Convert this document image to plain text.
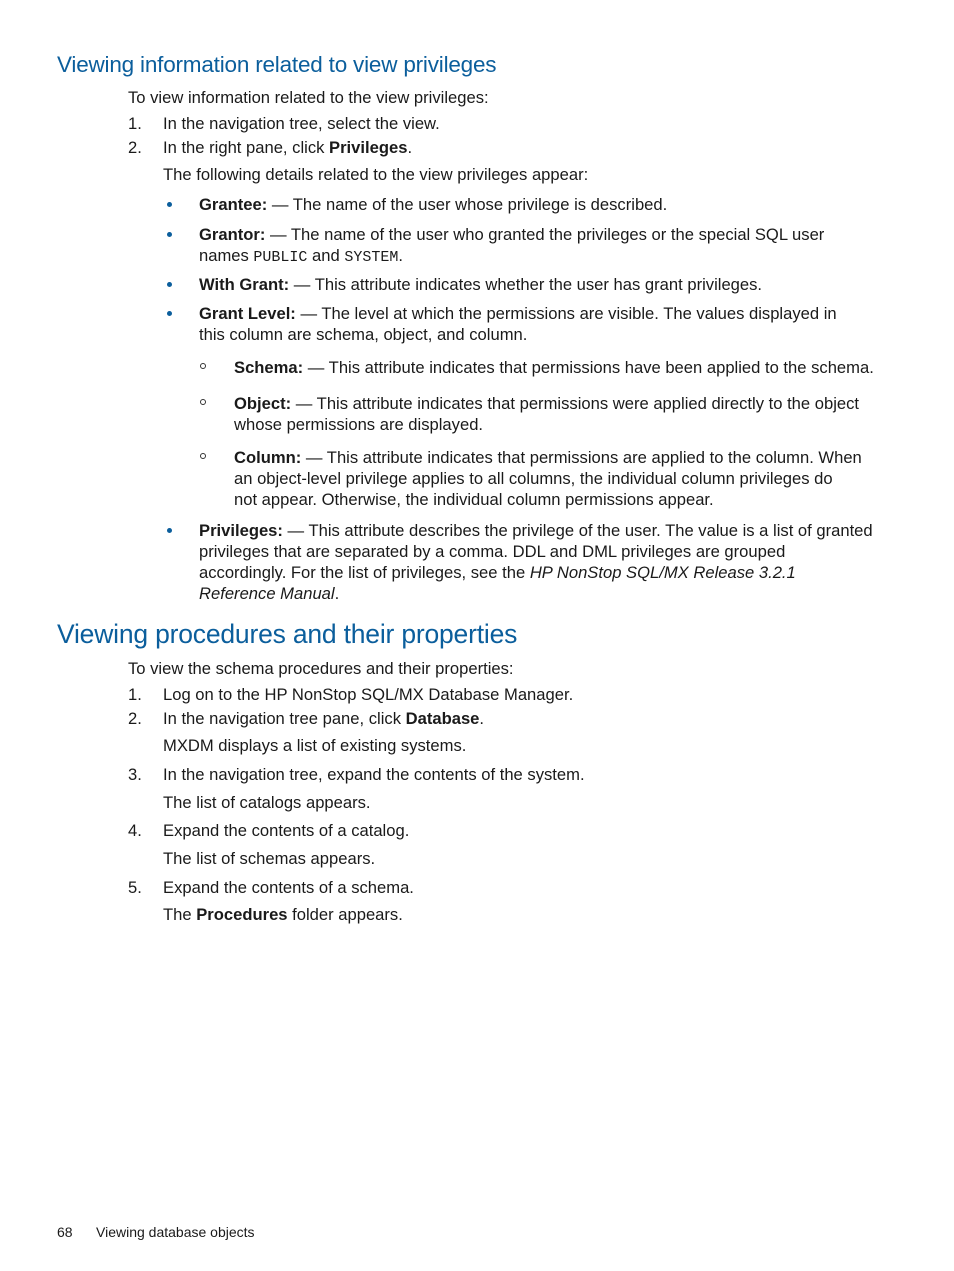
Viewing information related to view privileges

To view information related to the view privileges:

1. In the navigation tree, select the view.

2. In the right pane, click Privileges.

The following details related to the view privileges appear:

Grantee: — The name of the user whose privilege is described.

Grantor: — The name of the user who granted the privileges or the special SQL user

names PUBLIC and SYSTEM.

With Grant: — This attribute indicates whether the user has grant privileges.

Grant Level: — The level at which the permissions are visible. The values displayed in

this column are schema, object, and column.

Schema: — This attribute indicates that permissions have been applied to the schema.

Object: — This attribute indicates that permissions were applied directly to the object

whose permissions are displayed.

Column: — This attribute indicates that permissions are applied to the column. When

an object-level privilege applies to all columns, the individual column privileges do

not appear. Otherwise, the individual column permissions appear.

Privileges: — This attribute describes the privilege of the user. The value is a list of granted

privileges that are separated by a comma. DDL and DML privileges are grouped

accordingly. For the list of privileges, see the HP NonStop SQL/MX Release 3.2.1

Reference Manual.

Viewing procedures and their properties

To view the schema procedures and their properties:

1. Log on to the HP NonStop SQL/MX Database Manager.

2. In the navigation tree pane, click Database.

MXDM displays a list of existing systems.

3. In the navigation tree, expand the contents of the system.

The list of catalogs appears.

4. Expand the contents of a catalog.

The list of schemas appears.

5. Expand the contents of a schema.

The Procedures folder appears.

68 Viewing database objects
